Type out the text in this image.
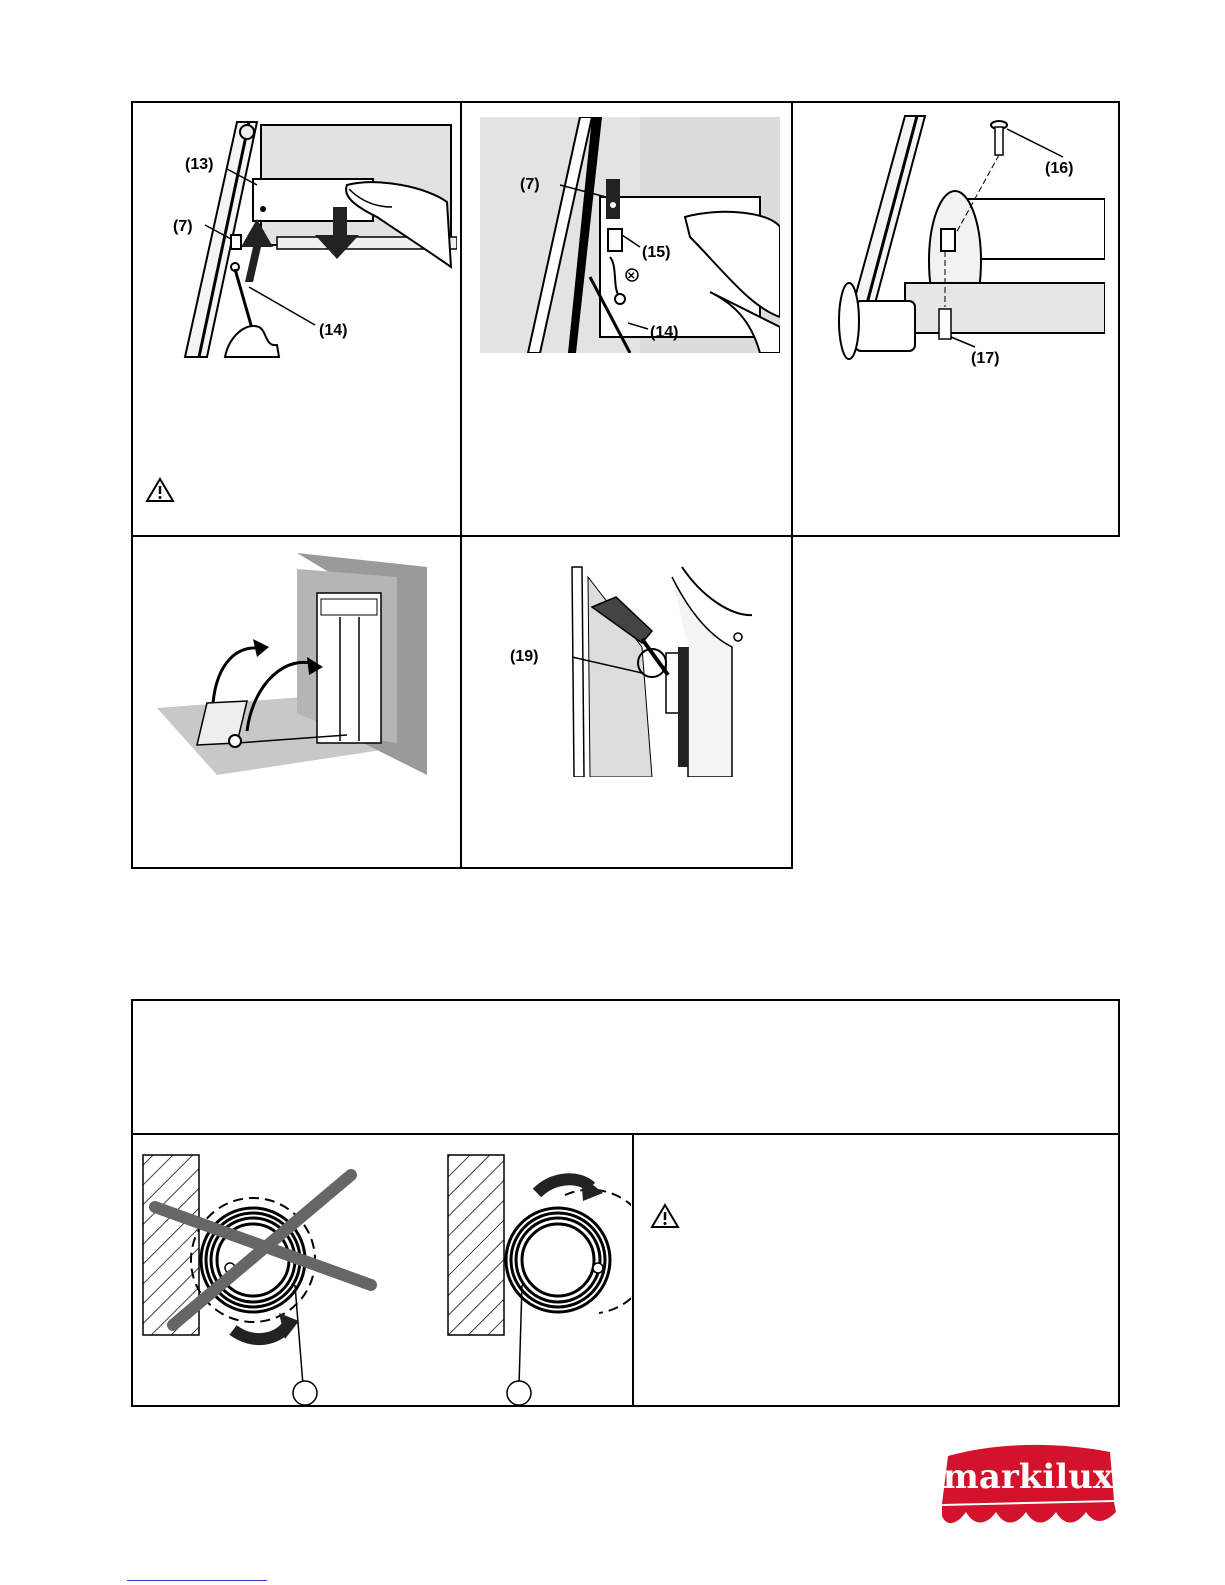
(13)
(7)
(14)
✕
(7)
(15)
(14)
(16)
(17)
(19)
markilux
